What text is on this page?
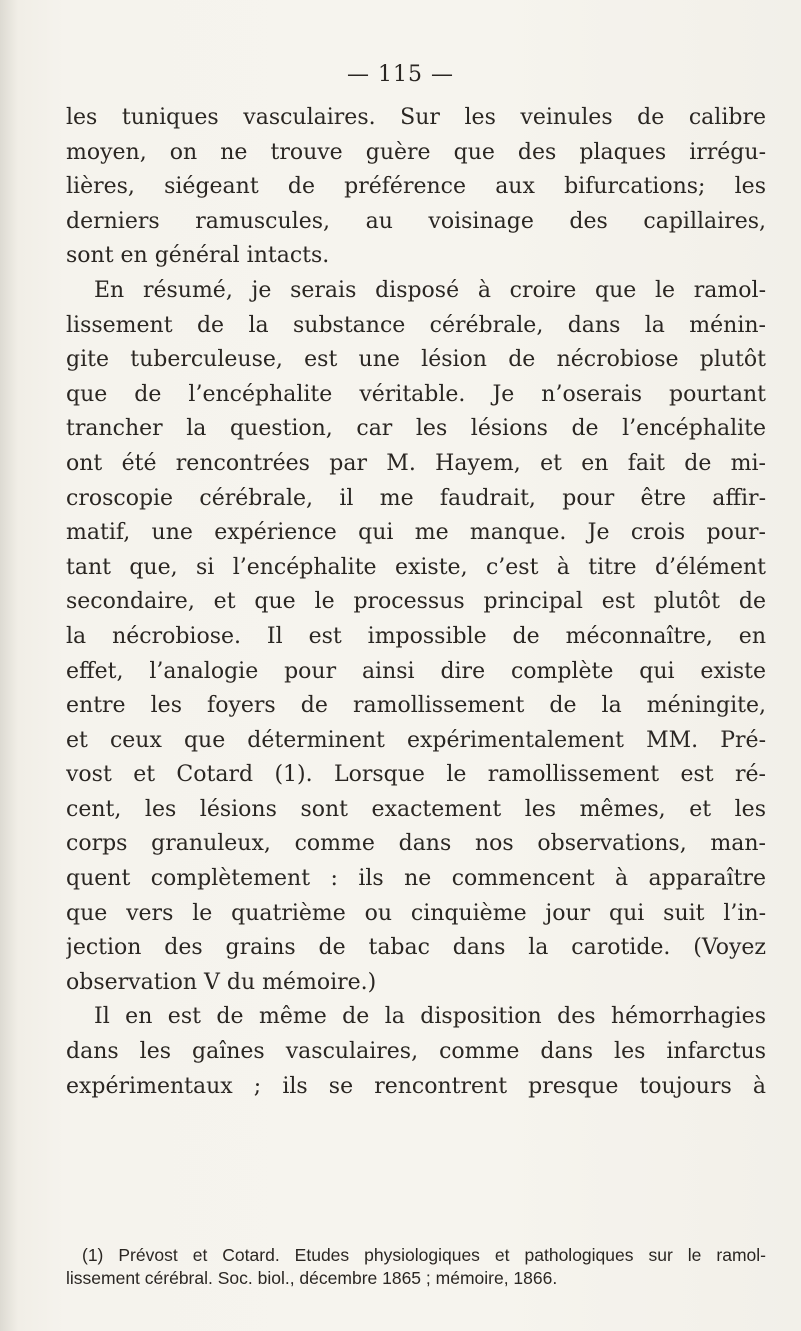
— 115 —
les tuniques vasculaires. Sur les veinules de calibre
moyen, on ne trouve guère que des plaques irrégu-
lières, siégeant de préférence aux bifurcations; les
derniers ramuscules, au voisinage des capillaires,
sont en général intacts.
En résumé, je serais disposé à croire que le ramol-
lissement de la substance cérébrale, dans la ménin-
gite tuberculeuse, est une lésion de nécrobiose plutôt
que de l’encéphalite véritable. Je n’oserais pourtant
trancher la question, car les lésions de l’encéphalite
ont été rencontrées par M. Hayem, et en fait de mi-
croscopie cérébrale, il me faudrait, pour être affir-
matif, une expérience qui me manque. Je crois pour-
tant que, si l’encéphalite existe, c’est à titre d’élément
secondaire, et que le processus principal est plutôt de
la nécrobiose. Il est impossible de méconnaître, en
effet, l’analogie pour ainsi dire complète qui existe
entre les foyers de ramollissement de la méningite,
et ceux que déterminent expérimentalement MM. Pré-
vost et Cotard (1). Lorsque le ramollissement est ré-
cent, les lésions sont exactement les mêmes, et les
corps granuleux, comme dans nos observations, man-
quent complètement : ils ne commencent à apparaître
que vers le quatrième ou cinquième jour qui suit l’in-
jection des grains de tabac dans la carotide. (Voyez
observation V du mémoire.)
Il en est de même de la disposition des hémorrhagies
dans les gaînes vasculaires, comme dans les infarctus
expérimentaux ; ils se rencontrent presque toujours à
(1) Prévost et Cotard. Etudes physiologiques et pathologiques sur le ramol-
lissement cérébral. Soc. biol., décembre 1865 ; mémoire, 1866.
